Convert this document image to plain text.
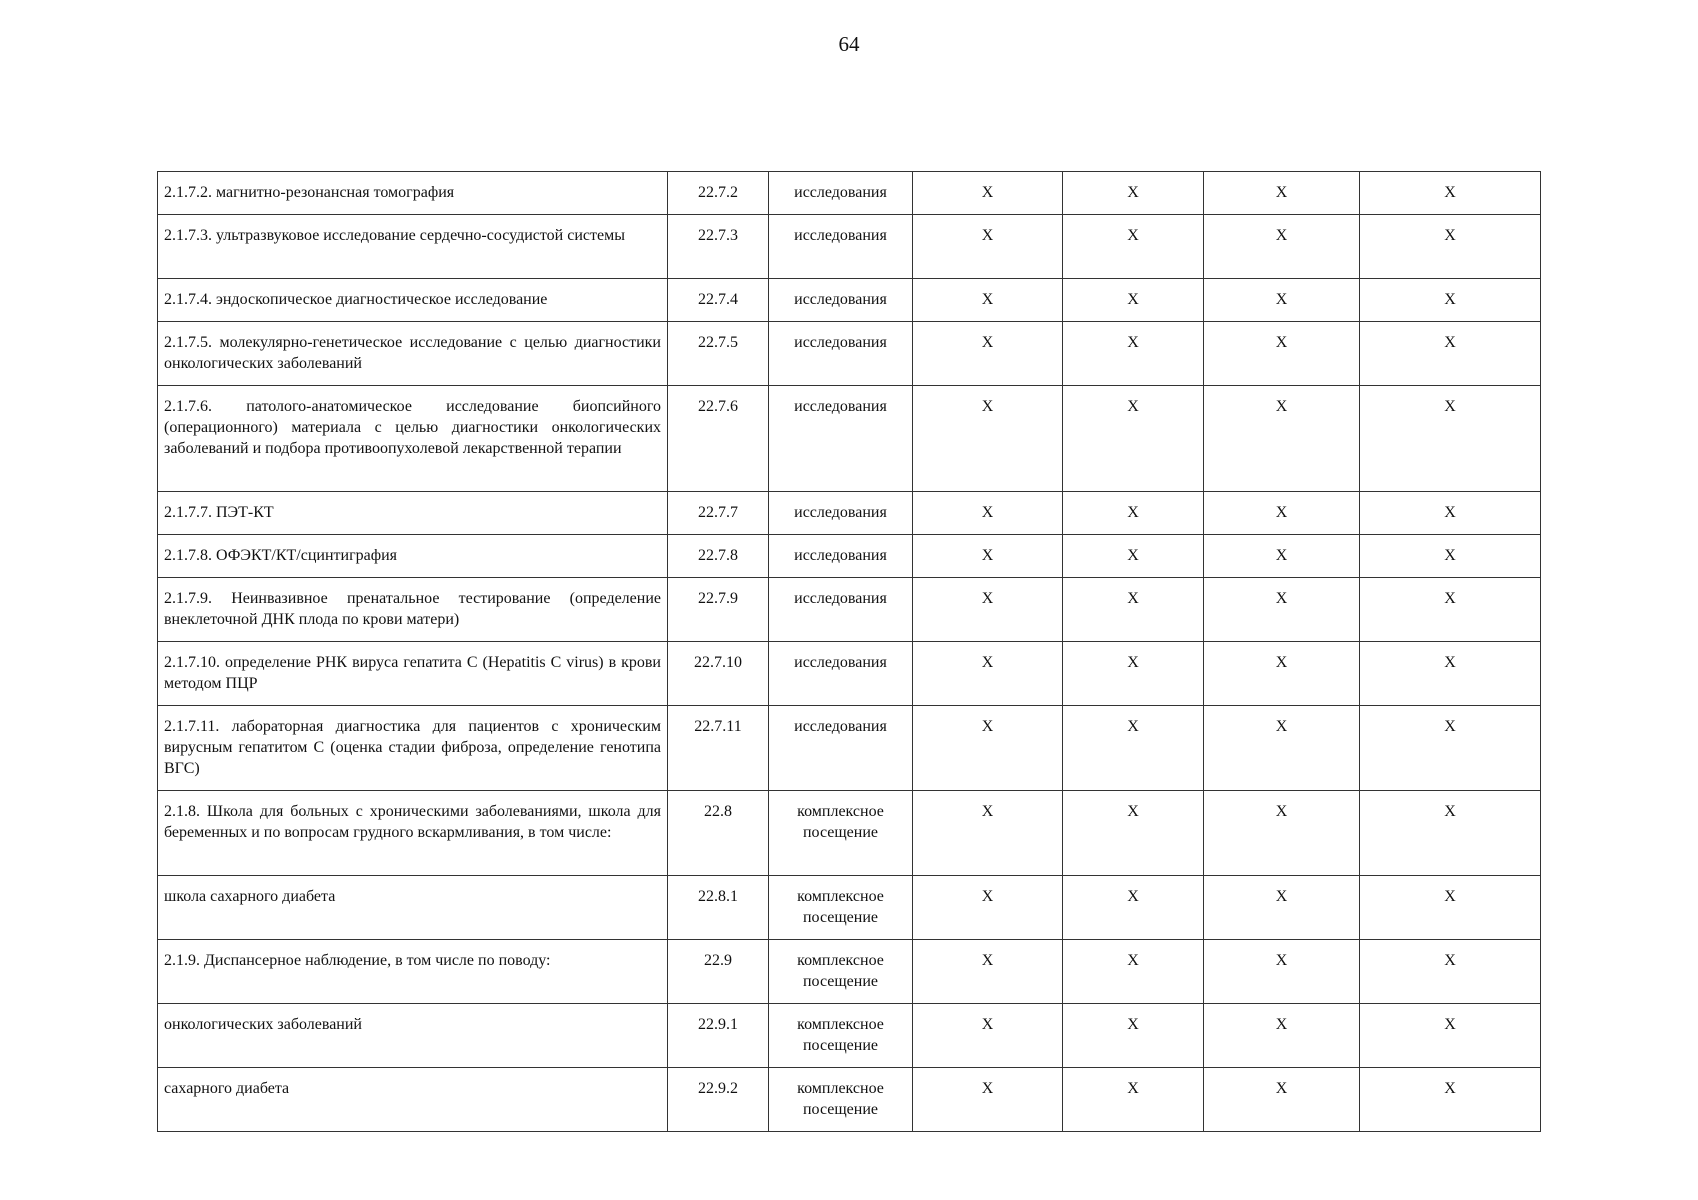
64
2.1.7.2. магнитно-резонансная томография	22.7.2	исследования	X	X	X	X
2.1.7.3. ультразвуковое исследование сердечно-сосудистой системы	22.7.3	исследования	X	X	X	X
2.1.7.4. эндоскопическое диагностическое исследование	22.7.4	исследования	X	X	X	X
2.1.7.5. молекулярно-генетическое исследование с целью диагностики онкологических заболеваний	22.7.5	исследования	X	X	X	X
2.1.7.6. патолого-анатомическое исследование биопсийного (операционного) материала с целью диагностики онкологических заболеваний и подбора противоопухолевой лекарственной терапии	22.7.6	исследования	X	X	X	X
2.1.7.7. ПЭТ-КТ	22.7.7	исследования	X	X	X	X
2.1.7.8. ОФЭКТ/КТ/сцинтиграфия	22.7.8	исследования	X	X	X	X
2.1.7.9. Неинвазивное пренатальное тестирование (определение внеклеточной ДНК плода по крови матери)	22.7.9	исследования	X	X	X	X
2.1.7.10. определение РНК вируса гепатита С (Hepatitis С virus) в крови методом ПЦР	22.7.10	исследования	X	X	X	X
2.1.7.11. лабораторная диагностика для пациентов с хроническим вирусным гепатитом С (оценка стадии фиброза, определение генотипа ВГС)	22.7.11	исследования	X	X	X	X
2.1.8. Школа для больных с хроническими заболеваниями, школа для беременных и по вопросам грудного вскармливания, в том числе:	22.8	комплексное посещение	X	X	X	X
школа сахарного диабета	22.8.1	комплексное посещение	X	X	X	X
2.1.9. Диспансерное наблюдение, в том числе по поводу:	22.9	комплексное посещение	X	X	X	X
онкологических заболеваний	22.9.1	комплексное посещение	X	X	X	X
сахарного диабета	22.9.2	комплексное посещение	X	X	X	X
